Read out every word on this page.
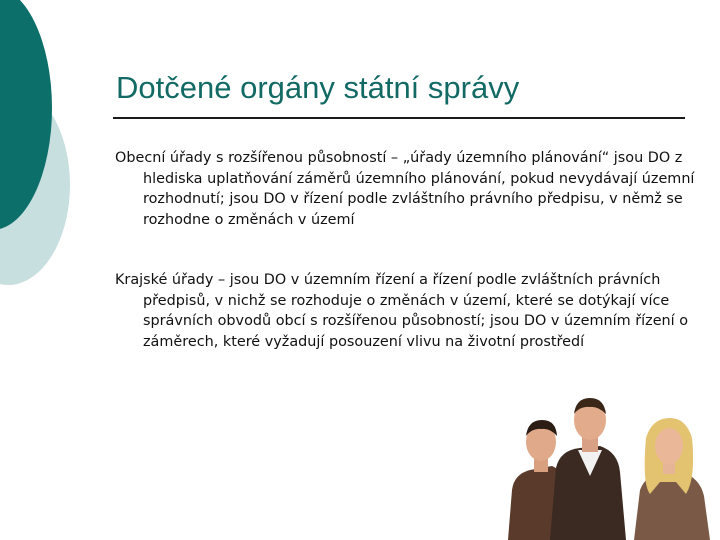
Dotčené orgány státní správy
Obecní úřady s rozšířenou působností – „úřady územního plánování“ jsou DO z hlediska uplatňování záměrů územního plánování, pokud nevydávají územní rozhodnutí; jsou DO v řízení podle zvláštního právního předpisu, v němž se rozhodne o změnách v území
Krajské úřady – jsou DO v územním řízení a řízení podle zvláštních právních předpisů, v nichž se rozhoduje o změnách v území, které se dotýkají více správních obvodů obcí s rozšířenou působností; jsou DO v územním řízení o záměrech, které vyžadují posouzení vlivu na životní prostředí
